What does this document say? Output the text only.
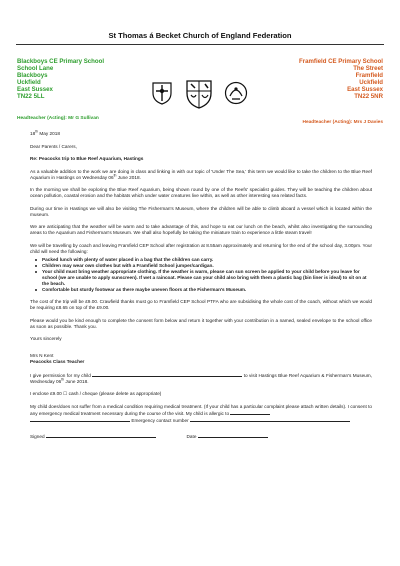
St Thomas á Becket Church of England Federation
Blackboys CE Primary School
School Lane
Blackboys
Uckfield
East Sussex
TN22 5LL
Framfield CE Primary School
The Street
Framfield
Uckfield
East Sussex
TN22 5NR
Headteacher (Acting): Mr G Sullivan
Headteacher (Acting): Mrs J Davies

18th May 2018

Dear Parents / Carers,

Re: Peacocks trip to Blue Reef Aquarium, Hastings

As a valuable addition to the work we are doing in class and linking in with our topic of 'Under The Sea,' this term we would like to take the children to the Blue Reef Aquarium in Hastings on Wednesday 06th June 2018.

In the morning we shall be exploring the Blue Reef Aquarium, being shown round by one of the Reefs' specialist guides. They will be teaching the children about ocean pollution, coastal erosion and the habitats which under water creatures live within, as well as other interesting sea related facts.

During our time in Hastings we will also be visiting The Fisherman's Museum, where the children will be able to climb aboard a vessel which is located within the museum.

We are anticipating that the weather will be warm and to take advantage of this, and hope to eat our lunch on the beach, whilst also investigating the surrounding areas to the Aquarium and Fisherman's Museum. We shall also hopefully be taking the miniature train to experience a little steam travel!

We will be travelling by coach and leaving Framfield CEP School after registration at 8.55am approximately and returning for the end of the school day, 3.00pm. Your child will need the following:

Packed lunch with plenty of water placed in a bag that the children can carry.
Children may wear own clothes but with a Framfield School jumper/cardigan.
Your child must bring weather appropriate clothing. If the weather is warm, please can sun screen be applied to your child before you leave for school (we are unable to apply sunscreen). If wet a raincoat. Please can your child also bring with them a plastic bag (bin liner is ideal) to sit on at the beach.
Comfortable but sturdy footwear as there maybe uneven floors at the Fisherman's Museum.

The cost of the trip will be £9.00. Crawfield thanks must go to Framfield CEP School PTFA who are subsidising the whole cost of the coach, without which we would be requiring £8.65 on top of the £9.00.

Please would you be kind enough to complete the consent form below and return it together with your contribution in a named, sealed envelope to the school office as soon as possible. Thank you.

Yours sincerely

Mrs N Kent

Peacocks Class Teacher

I give permission for my child	to visit Hastings Blue Reef Aquarium & Fisherman's Museum, Wednesday 06th June 2018.

I enclose £9.00 ☐ cash / cheque (please delete as appropriate)

My child does/does not suffer from a medical condition requiring medical treatment. (If your child has a particular complaint please attach written details). I consent to any emergency medical treatment necessary during the course of the visit. My child is allergic to

Emergency contact number

Signed	Date
